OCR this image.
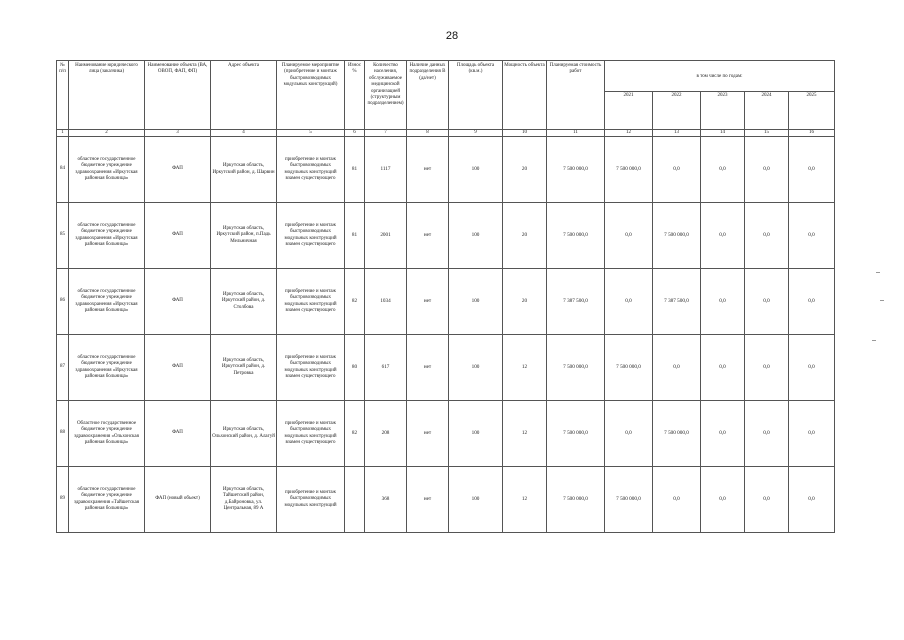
28
№ п/п	Наименование юридического лица (заказчика)	Наименование объекта (ВА, ОВОП, ФАП, ФП)	Адрес объекта	Планируемое мероприятие (приобретение и монтаж быстровозводимых модульных конструкций)	Износ %	Количество населения, обслуживаемое медицинской организацией (структурным подразделением)	Наличие данных подразделения В (да/нет)	Площадь объекта (кв.м.)	Мощность объекта	Планируемая стоимость работ	в том числе по годам:				
											2021	2022	2023	2024	2025
1	2	3	4	5	6	7	8	9	10	11	12	13	14	15	16
84	областное государственное бюджетное учреждение здравоохранения «Иркутская районная больница»	ФАП	Иркутская область, Иркутский район, д. Шарвин	приобретение и монтаж быстровозводимых модульных конструкций взамен существующего	81	1117	нет	100	20	7 500 000,0	7 500 000,0	0,0	0,0	0,0	0,0
85	областное государственное бюджетное учреждение здравоохранения «Иркутская районная больница»	ФАП	Иркутская область, Иркутский район, п.Падь Мельничная	приобретение и монтаж быстровозводимых модульных конструкций взамен существующего	81	2001	нет	100	20	7 500 000,0	0,0	7 500 000,0	0,0	0,0	0,0
86	областное государственное бюджетное учреждение здравоохранения «Иркутская районная больница»	ФАП	Иркутская область, Иркутский район, д. Столбова	приобретение и монтаж быстровозводимых модульных конструкций взамен существующего	82	1034	нет	100	20	7 387 500,0	0,0	7 387 500,0	0,0	0,0	0,0
87	областное государственное бюджетное учреждение здравоохранения «Иркутская районная больница»	ФАП	Иркутская область, Иркутский район, д. Петровка	приобретение и монтаж быстровозводимых модульных конструкций взамен существующего	80	617	нет	100	12	7 500 000,0	7 500 000,0	0,0	0,0	0,0	0,0
88	Областное государственное бюджетное учреждение здравоохранения «Ольхонская районная больница»	ФАП	Иркутская область, Ольхонский район, д. Алагуй	приобретение и монтаж быстровозводимых модульных конструкций взамен существующего	82	208	нет	100	12	7 500 000,0	0,0	7 500 000,0	0,0	0,0	0,0
89	областное государственное бюджетное учреждение здравоохранения «Тайшетская районная больница»	ФАП (новый объект)	Иркутская область, Тайшетский район, д.Байроновка, ул. Центральная, 89 А	приобретение и монтаж быстровозводимых модульных конструкций		368	нет	100	12	7 500 000,0	7 500 000,0	0,0	0,0	0,0	0,0
